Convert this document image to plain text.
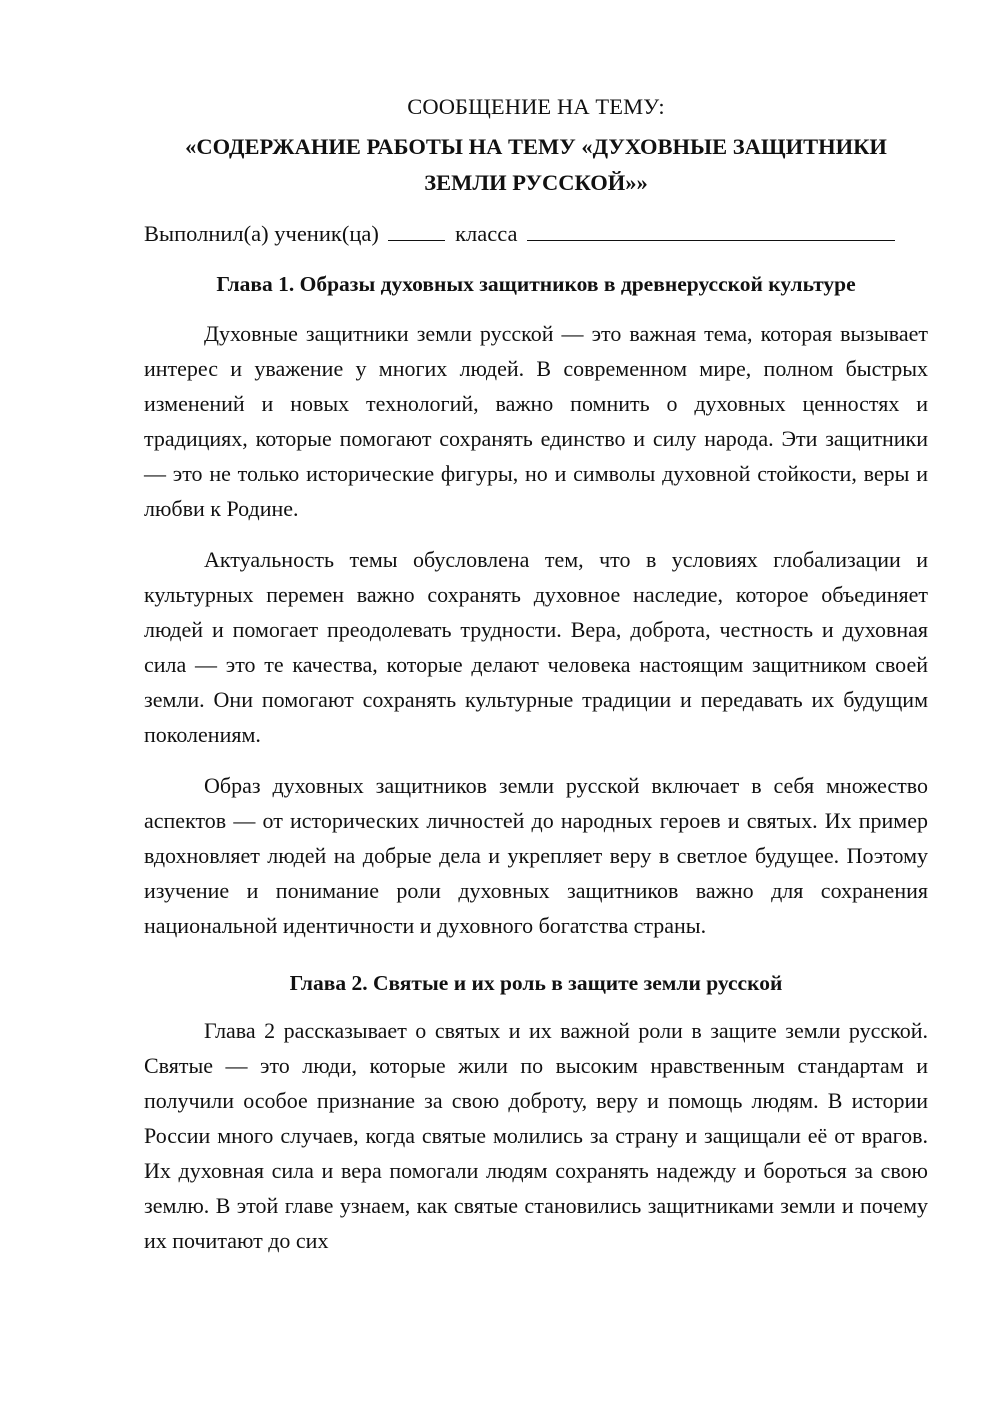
СООБЩЕНИЕ НА ТЕМУ:
«СОДЕРЖАНИЕ РАБОТЫ НА ТЕМУ «ДУХОВНЫЕ ЗАЩИТНИКИ
ЗЕМЛИ РУССКОЙ»»
Выполнил(а) ученик(ца)	класса
Глава 1. Образы духовных защитников в древнерусской культуре

Духовные защитники земли русской — это важная тема, которая вызывает интерес и уважение у многих людей. В современном мире, полном быстрых изменений и новых технологий, важно помнить о духовных ценностях и традициях, которые помогают сохранять единство и силу народа. Эти защитники — это не только исторические фигуры, но и символы духовной стойкости, веры и любви к Родине.

Актуальность темы обусловлена тем, что в условиях глобализации и культурных перемен важно сохранять духовное наследие, которое объединяет людей и помогает преодолевать трудности. Вера, доброта, честность и духовная сила — это те качества, которые делают человека настоящим защитником своей земли. Они помогают сохранять культурные традиции и передавать их будущим поколениям.

Образ духовных защитников земли русской включает в себя множество аспектов — от исторических личностей до народных героев и святых. Их пример вдохновляет людей на добрые дела и укрепляет веру в светлое будущее. Поэтому изучение и понимание роли духовных защитников важно для сохранения национальной идентичности и духовного богатства страны.

Глава 2. Святые и их роль в защите земли русской

Глава 2 рассказывает о святых и их важной роли в защите земли русской. Святые — это люди, которые жили по высоким нравственным стандартам и получили особое признание за свою доброту, веру и помощь людям. В истории России много случаев, когда святые молились за страну и защищали её от врагов. Их духовная сила и вера помогали людям сохранять надежду и бороться за свою землю. В этой главе узнаем, как святые становились защитниками земли и почему их почитают до сих
